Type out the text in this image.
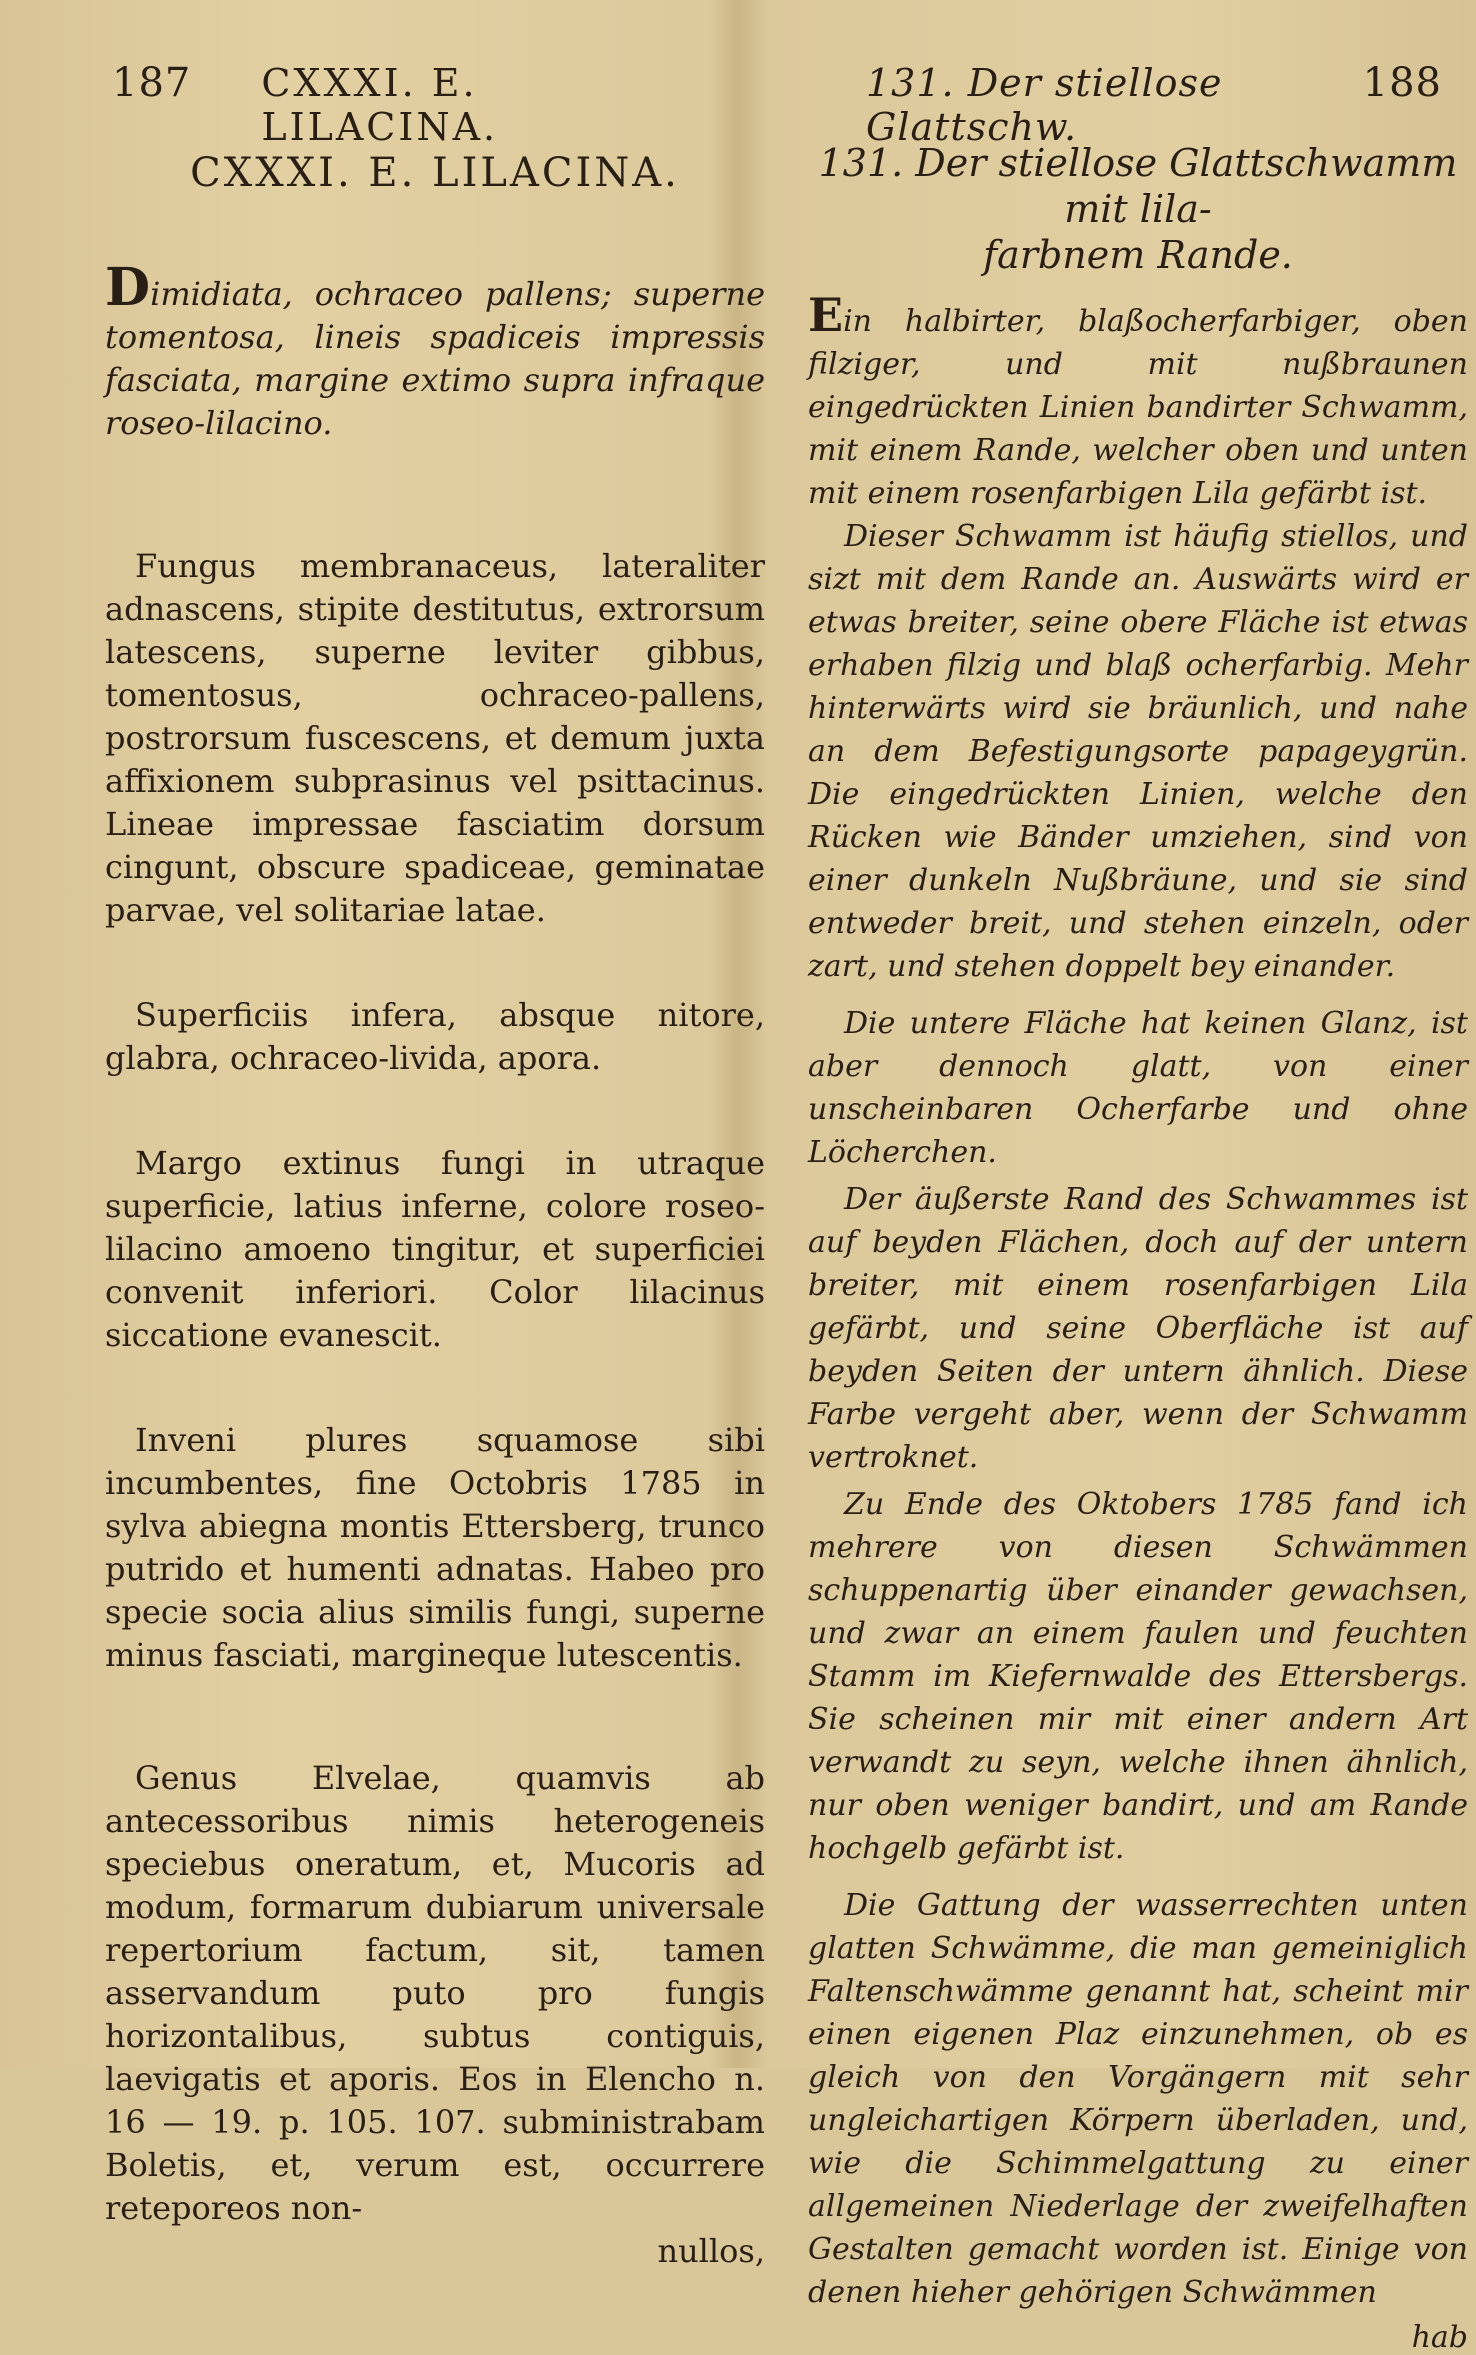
187 CXXXI. E. LILACINA.
CXXXI. E. LILACINA.

Dimidiata, ochraceo pallens; superne tomentosa, lineis spadiceis impressis fasciata, margine extimo supra infraque roseo-lilacino.

Fungus membranaceus, lateraliter adnascens, stipite destitutus, extrorsum latescens, superne leviter gibbus, tomentosus, ochraceo-pallens, postrorsum fuscescens, et demum juxta affixionem subprasinus vel psittacinus. Lineae impressae fasciatim dorsum cingunt, obscure spadiceae, geminatae parvae, vel solitariae latae.

Superficiis infera, absque nitore, glabra, ochraceo-livida, apora.

Margo extinus fungi in utraque superficie, latius inferne, colore roseo-lilacino amoeno tingitur, et superficiei convenit inferiori. Color lilacinus siccatione evanescit.

Inveni plures squamose sibi incumbentes, fine Octobris 1785 in sylva abiegna montis Ettersberg, trunco putrido et humenti adnatas. Habeo pro specie socia alius similis fungi, superne minus fasciati, margineque lutescentis.

Genus Elvelae, quamvis ab antecessoribus nimis heterogeneis speciebus oneratum, et, Mucoris ad modum, formarum dubiarum universale repertorium factum, sit, tamen asservandum puto pro fungis horizontalibus, subtus contiguis, laevigatis et aporis. Eos in Elencho n. 16 — 19. p. 105. 107. subministrabam Boletis, et, verum est, occurrere reteporeos non-

nullos,

131. Der stiellose Glattschw.
188
131. Der stiellose Glattschwamm mit lila-
farbnem Rande.

Ein halbirter, blaßocherfarbiger, oben filziger, und mit nußbraunen eingedrückten Linien bandirter Schwamm, mit einem Rande, welcher oben und unten mit einem rosenfarbigen Lila gefärbt ist.

Dieser Schwamm ist häufig stiellos, und sizt mit dem Rande an. Auswärts wird er etwas breiter, seine obere Fläche ist etwas erhaben filzig und blaß ocherfarbig. Mehr hinterwärts wird sie bräunlich, und nahe an dem Befestigungsorte papageygrün. Die eingedrückten Linien, welche den Rücken wie Bänder umziehen, sind von einer dunkeln Nußbräune, und sie sind entweder breit, und stehen einzeln, oder zart, und stehen doppelt bey einander.

Die untere Fläche hat keinen Glanz, ist aber dennoch glatt, von einer unscheinbaren Ocherfarbe und ohne Löcherchen.

Der äußerste Rand des Schwammes ist auf beyden Flächen, doch auf der untern breiter, mit einem rosenfarbigen Lila gefärbt, und seine Oberfläche ist auf beyden Seiten der untern ähnlich. Diese Farbe vergeht aber, wenn der Schwamm vertroknet.

Zu Ende des Oktobers 1785 fand ich mehrere von diesen Schwämmen schuppenartig über einander gewachsen, und zwar an einem faulen und feuchten Stamm im Kiefernwalde des Ettersbergs. Sie scheinen mir mit einer andern Art verwandt zu seyn, welche ihnen ähnlich, nur oben weniger bandirt, und am Rande hochgelb gefärbt ist.

Die Gattung der wasserrechten unten glatten Schwämme, die man gemeiniglich Faltenschwämme genannt hat, scheint mir einen eigenen Plaz einzunehmen, ob es gleich von den Vorgängern mit sehr ungleichartigen Körpern überladen, und, wie die Schimmelgattung zu einer allgemeinen Niederlage der zweifelhaften Gestalten gemacht worden ist. Einige von denen hieher gehörigen Schwämmen

hab
